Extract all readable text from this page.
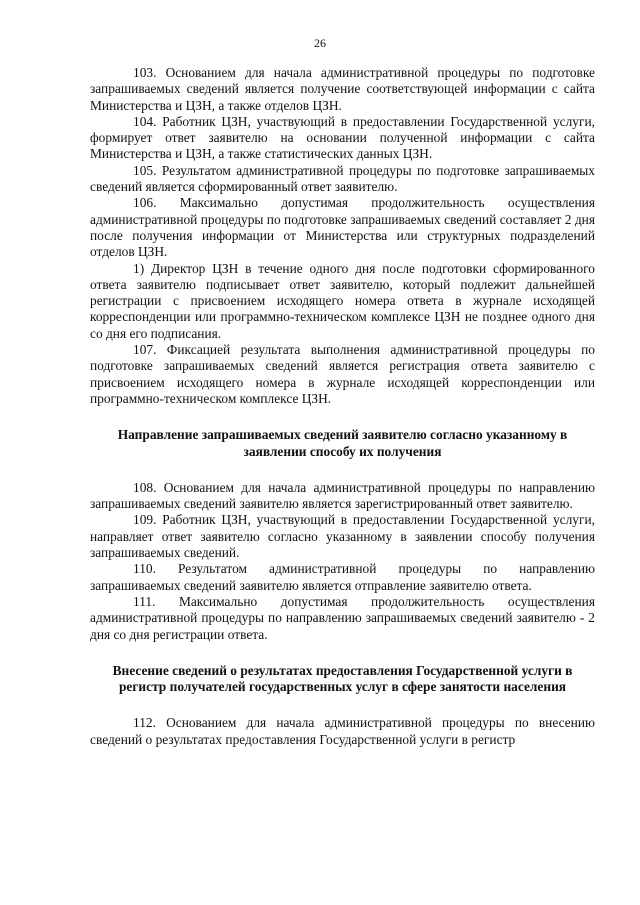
26

103. Основанием для начала административной процедуры по подготовке запрашиваемых сведений является получение соответствующей информации с сайта Министерства и ЦЗН, а также отделов ЦЗН.

104. Работник ЦЗН, участвующий в предоставлении Государственной услуги, формирует ответ заявителю на основании полученной информации с сайта Министерства и ЦЗН, а также статистических данных ЦЗН.

105. Результатом административной процедуры по подготовке запрашиваемых сведений является сформированный ответ заявителю.

106. Максимально допустимая продолжительность осуществления административной процедуры по подготовке запрашиваемых сведений составляет 2 дня после получения информации от Министерства или структурных подразделений отделов ЦЗН.

1) Директор ЦЗН в течение одного дня после подготовки сформированного ответа заявителю подписывает ответ заявителю, который подлежит дальнейшей регистрации с присвоением исходящего номера ответа в журнале исходящей корреспонденции или программно-техническом комплексе ЦЗН не позднее одного дня со дня его подписания.

107. Фиксацией результата выполнения административной процедуры по подготовке запрашиваемых сведений является регистрация ответа заявителю с присвоением исходящего номера в журнале исходящей корреспонденции или программно-техническом комплексе ЦЗН.

Направление запрашиваемых сведений заявителю согласно указанному в заявлении способу их получения

108. Основанием для начала административной процедуры по направлению запрашиваемых сведений заявителю является зарегистрированный ответ заявителю.

109. Работник ЦЗН, участвующий в предоставлении Государственной услуги, направляет ответ заявителю согласно указанному в заявлении способу получения запрашиваемых сведений.

110. Результатом административной процедуры по направлению запрашиваемых сведений заявителю является отправление заявителю ответа.

111. Максимально допустимая продолжительность осуществления административной процедуры по направлению запрашиваемых сведений заявителю - 2 дня со дня регистрации ответа.

Внесение сведений о результатах предоставления Государственной услуги в регистр получателей государственных услуг в сфере занятости населения

112. Основанием для начала административной процедуры по внесению сведений о результатах предоставления Государственной услуги в регистр
